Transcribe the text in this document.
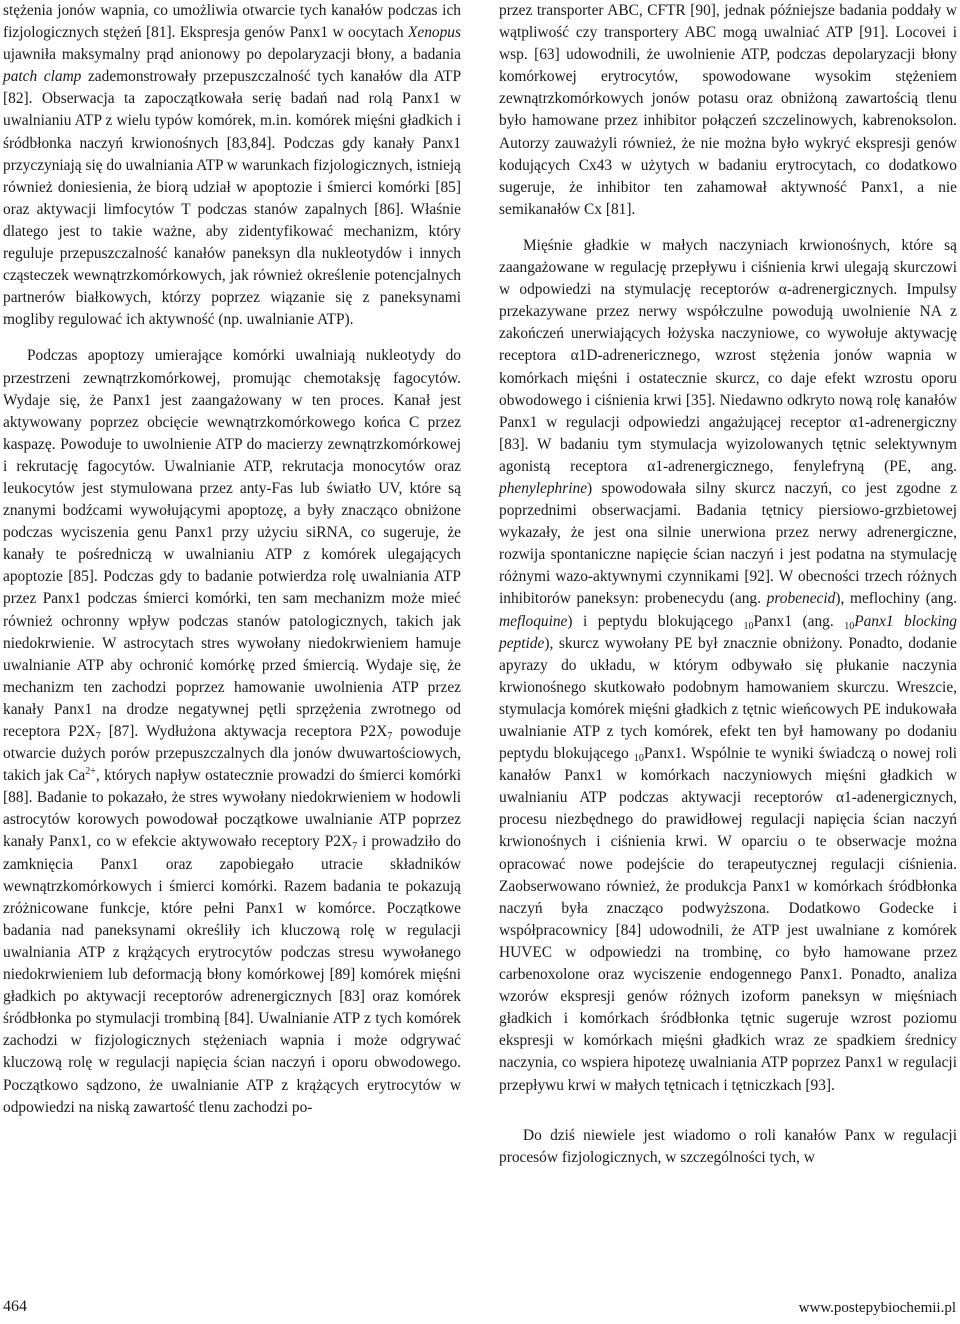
stężenia jonów wapnia, co umożliwia otwarcie tych kanałów podczas ich fizjologicznych stężeń [81]. Ekspresja genów Panx1 w oocytach Xenopus ujawniła maksymalny prąd anionowy po depolaryzacji błony, a badania patch clamp zademonstrowały przepuszczalność tych kanałów dla ATP [82]. Obserwacja ta zapoczątkowała serię badań nad rolą Panx1 w uwalnianiu ATP z wielu typów komórek, m.in. komórek mięśni gładkich i śródbłonka naczyń krwionośnych [83,84]. Podczas gdy kanały Panx1 przyczyniają się do uwalniania ATP w warunkach fizjologicznych, istnieją również doniesienia, że biorą udział w apoptozie i śmierci komórki [85] oraz aktywacji limfocytów T podczas stanów zapalnych [86]. Właśnie dlatego jest to takie ważne, aby zidentyfikować mechanizm, który reguluje przepuszczalność kanałów paneksyn dla nukleotydów i innych cząsteczek wewnątrzkomórkowych, jak również określenie potencjalnych partnerów białkowych, którzy poprzez wiązanie się z paneksynami mogliby regulować ich aktywność (np. uwalnianie ATP).

Podczas apoptozy umierające komórki uwalniają nukleotydy do przestrzeni zewnątrzkomórkowej, promując chemotaksję fagocytów. Wydaje się, że Panx1 jest zaangażowany w ten proces. Kanał jest aktywowany poprzez obcięcie wewnątrzkomórkowego końca C przez kaspazę. Powoduje to uwolnienie ATP do macierzy zewnątrzkomórkowej i rekrutację fagocytów. Uwalnianie ATP, rekrutacja monocytów oraz leukocytów jest stymulowana przez anty-Fas lub światło UV, które są znanymi bodźcami wywołującymi apoptozę, a były znacząco obniżone podczas wyciszenia genu Panx1 przy użyciu siRNA, co sugeruje, że kanały te pośredniczą w uwalnianiu ATP z komórek ulegających apoptozie [85]. Podczas gdy to badanie potwierdza rolę uwalniania ATP przez Panx1 podczas śmierci komórki, ten sam mechanizm może mieć również ochronny wpływ podczas stanów patologicznych, takich jak niedokrwienie. W astrocytach stres wywołany niedokrwieniem hamuje uwalnianie ATP aby ochronić komórkę przed śmiercią. Wydaje się, że mechanizm ten zachodzi poprzez hamowanie uwolnienia ATP przez kanały Panx1 na drodze negatywnej pętli sprzężenia zwrotnego od receptora $P2X_7$ [87]. Wydłużona aktywacja receptora $P2X_7$ powoduje otwarcie dużych porów przepuszczalnych dla jonów dwuwartościowych, takich jak $Ca^{2+}$, których napływ ostatecznie prowadzi do śmierci komórki [88]. Badanie to pokazało, że stres wywołany niedokrwieniem w hodowli astrocytów korowych powodował początkowe uwalnianie ATP poprzez kanały Panx1, co w efekcie aktywowało receptory $P2X_7$ i prowadziło do zamknięcia Panx1 oraz zapobiegało utracie składników wewnątrzkomórkowych i śmierci komórki. Razem badania te pokazują zróżnicowane funkcje, które pełni Panx1 w komórce. Początkowe badania nad paneksynami określiły ich kluczową rolę w regulacji uwalniania ATP z krążących erytrocytów podczas stresu wywołanego niedokrwieniem lub deformacją błony komórkowej [89] komórek mięśni gładkich po aktywacji receptorów adrenergicznych [83] oraz komórek śródbłonka po stymulacji trombiną [84]. Uwalnianie ATP z tych komórek zachodzi w fizjologicznych stężeniach wapnia i może odgrywać kluczową rolę w regulacji napięcia ścian naczyń i oporu obwodowego. Początkowo sądzono, że uwalnianie ATP z krążących erytrocytów w odpowiedzi na niską zawartość tlenu zachodzi po-

przez transporter ABC, CFTR [90], jednak późniejsze badania poddały w wątpliwość czy transportery ABC mogą uwalniać ATP [91]. Locovei i wsp. [63] udowodnili, że uwolnienie ATP, podczas depolaryzacji błony komórkowej erytrocytów, spowodowane wysokim stężeniem zewnątrzkomórkowych jonów potasu oraz obniżoną zawartością tlenu było hamowane przez inhibitor połączeń szczelinowych, kabrenoksolon. Autorzy zauważyli również, że nie można było wykryć ekspresji genów kodujących Cx43 w użytych w badaniu erytrocytach, co dodatkowo sugeruje, że inhibitor ten zahamował aktywność Panx1, a nie semikanałów Cx [81].

Mięśnie gładkie w małych naczyniach krwionośnych, które są zaangażowane w regulację przepływu i ciśnienia krwi ulegają skurczowi w odpowiedzi na stymulację receptorów α-adrenergicznych. Impulsy przekazywane przez nerwy współczulne powodują uwolnienie NA z zakończeń unerwiających łożyska naczyniowe, co wywołuje aktywację receptora α1D-adrenericznego, wzrost stężenia jonów wapnia w komórkach mięśni i ostatecznie skurcz, co daje efekt wzrostu oporu obwodowego i ciśnienia krwi [35]. Niedawno odkryto nową rolę kanałów Panx1 w regulacji odpowiedzi angażującej receptor α1-adrenergiczny [83]. W badaniu tym stymulacja wyizolowanych tętnic selektywnym agonistą receptora α1-adrenergicznego, fenylefryną (PE, ang. phenylephrine) spowodowała silny skurcz naczyń, co jest zgodne z poprzednimi obserwacjami. Badania tętnicy piersiowo-grzbietowej wykazały, że jest ona silnie unerwiona przez nerwy adrenergiczne, rozwija spontaniczne napięcie ścian naczyń i jest podatna na stymulację różnymi wazo-aktywnymi czynnikami [92]. W obecności trzech różnych inhibitorów paneksyn: probenecydu (ang. probenecid), meflochiny (ang. mefloquine) i peptydu blokującego $_{10}$Panx1 (ang. $_{10}$Panx1 blocking peptide), skurcz wywołany PE był znacznie obniżony. Ponadto, dodanie apyrazy do układu, w którym odbywało się płukanie naczynia krwionośnego skutkowało podobnym hamowaniem skurczu. Wreszcie, stymulacja komórek mięśni gładkich z tętnic wieńcowych PE indukowała uwalnianie ATP z tych komórek, efekt ten był hamowany po dodaniu peptydu blokującego $_{10}$Panx1. Wspólnie te wyniki świadczą o nowej roli kanałów Panx1 w komórkach naczyniowych mięśni gładkich w uwalnianiu ATP podczas aktywacji receptorów α1-adenergicznych, procesu niezbędnego do prawidłowej regulacji napięcia ścian naczyń krwionośnych i ciśnienia krwi. W oparciu o te obserwacje można opracować nowe podejście do terapeutycznej regulacji ciśnienia. Zaobserwowano również, że produkcja Panx1 w komórkach śródbłonka naczyń była znacząco podwyższona. Dodatkowo Godecke i współpracownicy [84] udowodnili, że ATP jest uwalniane z komórek HUVEC w odpowiedzi na trombinę, co było hamowane przez carbenoxolone oraz wyciszenie endogennego Panx1. Ponadto, analiza wzorów ekspresji genów różnych izoform paneksyn w mięśniach gładkich i komórkach śródbłonka tętnic sugeruje wzrost poziomu ekspresji w komórkach mięśni gładkich wraz ze spadkiem średnicy naczynia, co wspiera hipotezę uwalniania ATP poprzez Panx1 w regulacji przepływu krwi w małych tętnicach i tętniczkach [93].

Do dziś niewiele jest wiadomo o roli kanałów Panx w regulacji procesów fizjologicznych, w szczególności tych, w

464	www.postepybiochemii.pl
